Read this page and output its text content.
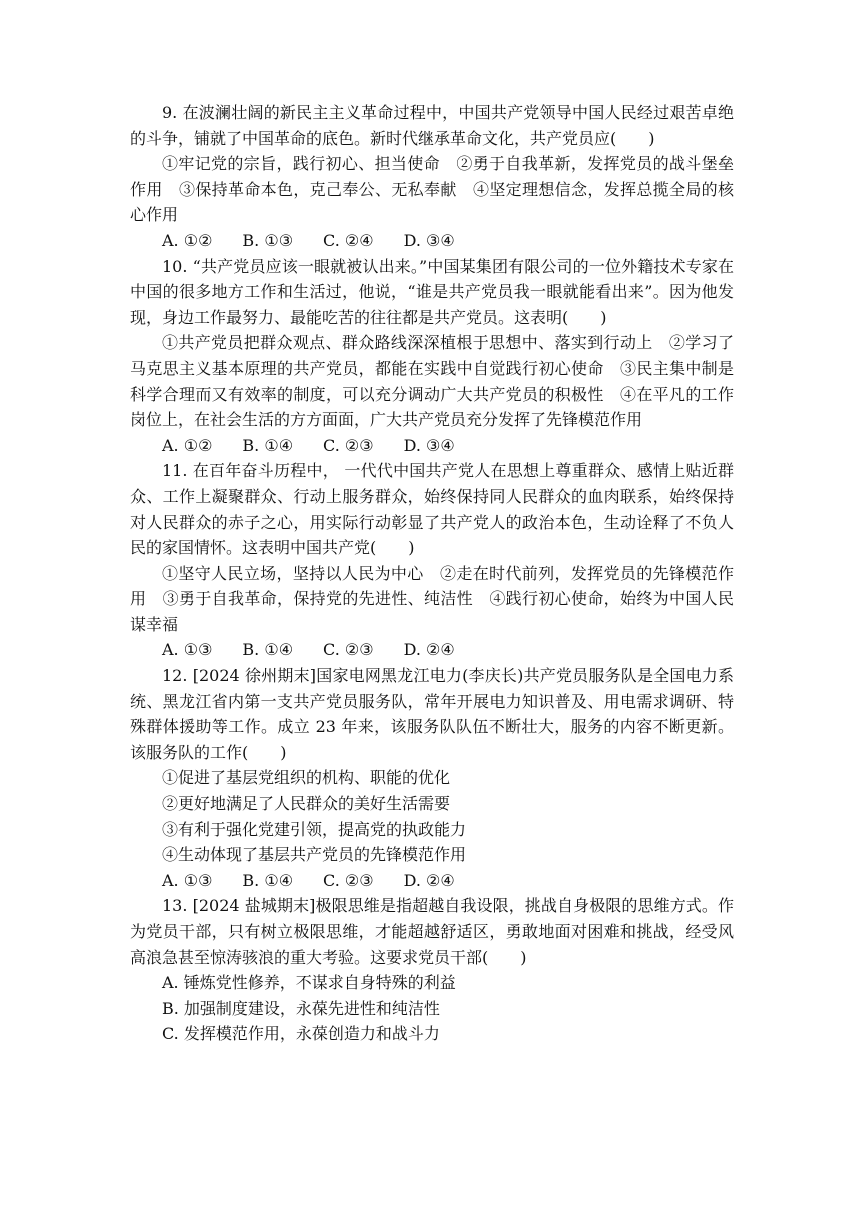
9. 在波澜壮阔的新民主主义革命过程中，中国共产党领导中国人民经过艰苦卓绝的斗争，铺就了中国革命的底色。新时代继承革命文化，共产党员应(　　)

①牢记党的宗旨，践行初心、担当使命　②勇于自我革新，发挥党员的战斗堡垒作用　③保持革命本色，克己奉公、无私奉献　④坚定理想信念，发挥总揽全局的核心作用

A. ①② B. ①③ C. ②④ D. ③④

10. “共产党员应该一眼就被认出来。”中国某集团有限公司的一位外籍技术专家在中国的很多地方工作和生活过，他说，“谁是共产党员我一眼就能看出来”。因为他发现，身边工作最努力、最能吃苦的往往都是共产党员。这表明(　　)

①共产党员把群众观点、群众路线深深植根于思想中、落实到行动上　②学习了马克思主义基本原理的共产党员，都能在实践中自觉践行初心使命　③民主集中制是科学合理而又有效率的制度，可以充分调动广大共产党员的积极性　④在平凡的工作岗位上，在社会生活的方方面面，广大共产党员充分发挥了先锋模范作用

A. ①② B. ①④ C. ②③ D. ③④

11. 在百年奋斗历程中， 一代代中国共产党人在思想上尊重群众、感情上贴近群众、工作上凝聚群众、行动上服务群众，始终保持同人民群众的血肉联系，始终保持对人民群众的赤子之心，用实际行动彰显了共产党人的政治本色，生动诠释了不负人民的家国情怀。这表明中国共产党(　　)

①坚守人民立场，坚持以人民为中心　②走在时代前列，发挥党员的先锋模范作用　③勇于自我革命，保持党的先进性、纯洁性　④践行初心使命，始终为中国人民谋幸福

A. ①③ B. ①④ C. ②③ D. ②④

12. [2024 徐州期末]国家电网黑龙江电力(李庆长)共产党员服务队是全国电力系统、黑龙江省内第一支共产党员服务队，常年开展电力知识普及、用电需求调研、特殊群体援助等工作。成立 23 年来，该服务队队伍不断壮大，服务的内容不断更新。该服务队的工作(　　)

①促进了基层党组织的机构、职能的优化

②更好地满足了人民群众的美好生活需要

③有利于强化党建引领，提高党的执政能力

④生动体现了基层共产党员的先锋模范作用

A. ①③ B. ①④ C. ②③ D. ②④

13. [2024 盐城期末]极限思维是指超越自我设限，挑战自身极限的思维方式。作为党员干部，只有树立极限思维，才能超越舒适区，勇敢地面对困难和挑战，经受风高浪急甚至惊涛骇浪的重大考验。这要求党员干部(　　)

A. 锤炼党性修养，不谋求自身特殊的利益

B. 加强制度建设，永葆先进性和纯洁性

C. 发挥模范作用，永葆创造力和战斗力
